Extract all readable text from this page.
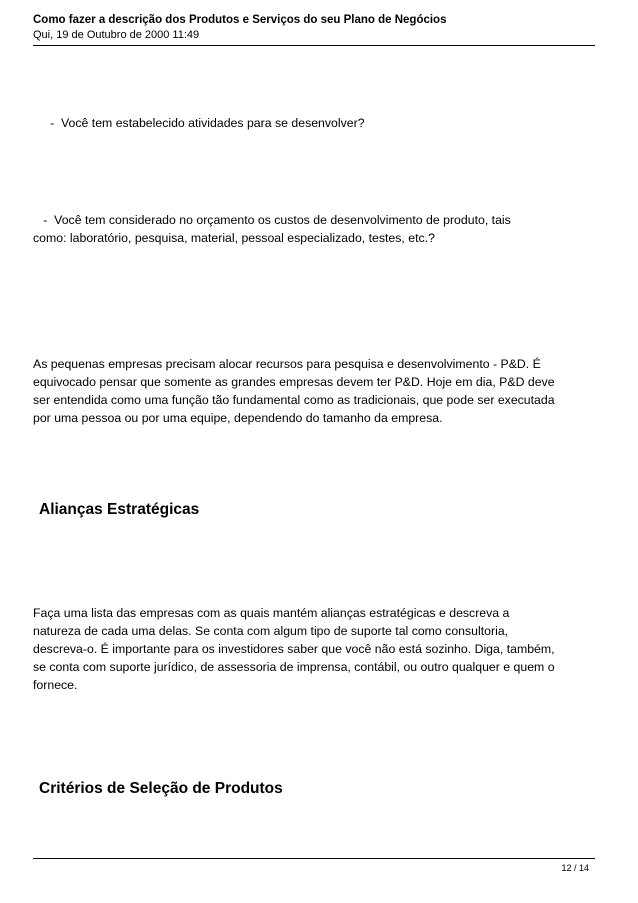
Como fazer a descrição dos Produtos e Serviços do seu Plano de Negócios
Qui, 19 de Outubro de 2000 11:49

-  Você tem estabelecido atividades para se desenvolver?

-  Você tem considerado no orçamento os custos de desenvolvimento de produto, tais
como: laboratório, pesquisa, material, pessoal especializado, testes, etc.?
As pequenas empresas precisam alocar recursos para pesquisa e desenvolvimento - P&D. É
equivocado pensar que somente as grandes empresas devem ter P&D. Hoje em dia, P&D deve
ser entendida como uma função tão fundamental como as tradicionais, que pode ser executada
por uma pessoa ou por uma equipe, dependendo do tamanho da empresa.
Alianças Estratégicas
Faça uma lista das empresas com as quais mantém alianças estratégicas e descreva a
natureza de cada uma delas. Se conta com algum tipo de suporte tal como consultoria,
descreva-o. É importante para os investidores saber que você não está sozinho. Diga, também,
se conta com suporte jurídico, de assessoria de imprensa, contábil, ou outro qualquer e quem o
fornece.
Critérios de Seleção de Produtos
12 / 14
